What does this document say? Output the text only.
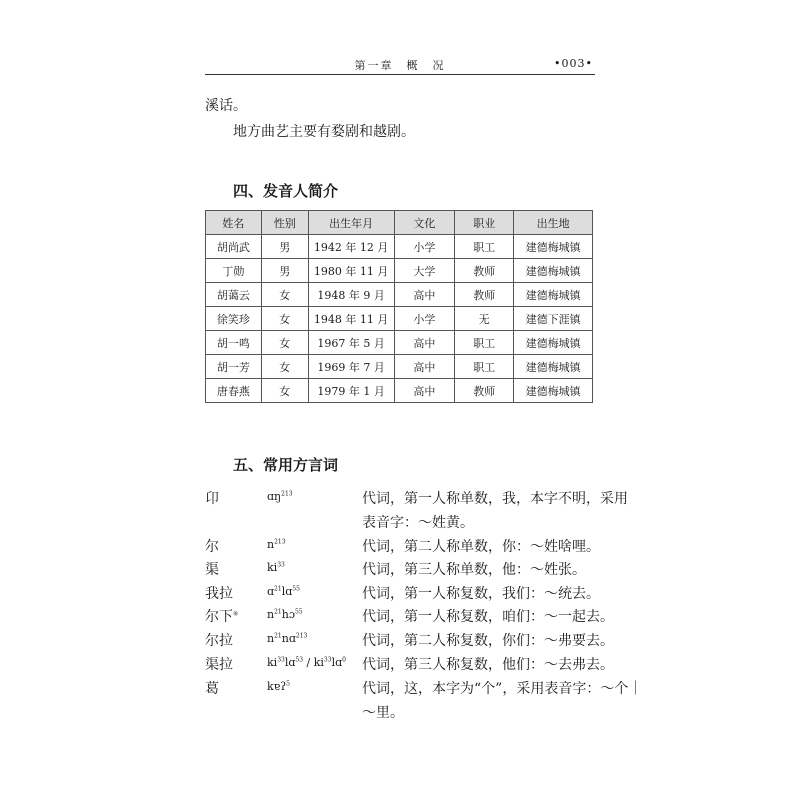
第一章　概　况	•003•
溪话。
地方曲艺主要有婺剧和越剧。
四、发音人简介
姓名	性别	出生年月	文化	职业	出生地
胡尚武	男	1942 年 12 月	小学	职工	建德梅城镇
丁勋	男	1980 年 11 月	大学	教师	建德梅城镇
胡蔼云	女	1948 年 9 月	高中	教师	建德梅城镇
徐笑珍	女	1948 年 11 月	小学	无	建德下涯镇
胡一鸣	女	1967 年 5 月	高中	职工	建德梅城镇
胡一芳	女	1969 年 7 月	高中	职工	建德梅城镇
唐春燕	女	1979 年 1 月	高中	教师	建德梅城镇
五、常用方言词
卬	ɑŋ$^{213}$	代词，第一人称单数，我，本字不明，采用
表音字：～姓黄。
尔	$n^{213}$	代词，第二人称单数，你：～姓啥哩。
渠	$ki^{33}$	代词，第三人称单数，他：～姓张。
我拉	ɑ$^{21}$lɑ$^{55}$	代词，第一人称复数，我们：～统去。
尔下⑥	$n^{21}hɔ^{55}$	代词，第一人称复数，咱们：～一起去。
尔拉	$n^{21}nɑ^{213}$	代词，第二人称复数，你们：～弗要去。
渠拉	$ki^{33}lɑ^{53}$ / $ki^{33}lɑ^0$ 代词，第三人称复数，他们：～去弗去。
葛	kɐʔ$^5$	代词，这，本字为“个”，采用表音字：～个｜
～里。
